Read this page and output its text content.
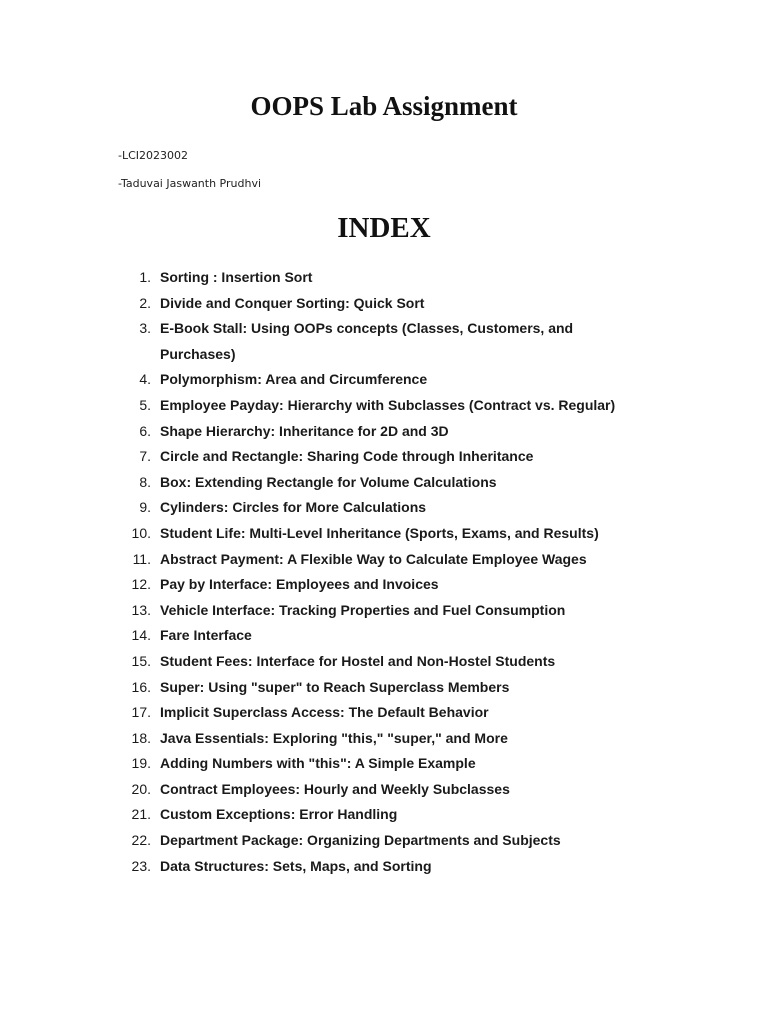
OOPS Lab Assignment

-LCI2023002

-Taduvai Jaswanth Prudhvi

INDEX
1. Sorting : Insertion Sort
2. Divide and Conquer Sorting: Quick Sort
3. E-Book Stall: Using OOPs concepts (Classes, Customers, and Purchases)
4. Polymorphism: Area and Circumference
5. Employee Payday: Hierarchy with Subclasses (Contract vs. Regular)
6. Shape Hierarchy: Inheritance for 2D and 3D
7. Circle and Rectangle: Sharing Code through Inheritance
8. Box: Extending Rectangle for Volume Calculations
9. Cylinders: Circles for More Calculations
10. Student Life: Multi-Level Inheritance (Sports, Exams, and Results)
11. Abstract Payment: A Flexible Way to Calculate Employee Wages
12. Pay by Interface: Employees and Invoices
13. Vehicle Interface: Tracking Properties and Fuel Consumption
14. Fare Interface
15. Student Fees: Interface for Hostel and Non-Hostel Students
16. Super: Using "super" to Reach Superclass Members
17. Implicit Superclass Access: The Default Behavior
18. Java Essentials: Exploring "this," "super," and More
19. Adding Numbers with "this": A Simple Example
20. Contract Employees: Hourly and Weekly Subclasses
21. Custom Exceptions: Error Handling
22. Department Package: Organizing Departments and Subjects
23. Data Structures: Sets, Maps, and Sorting
